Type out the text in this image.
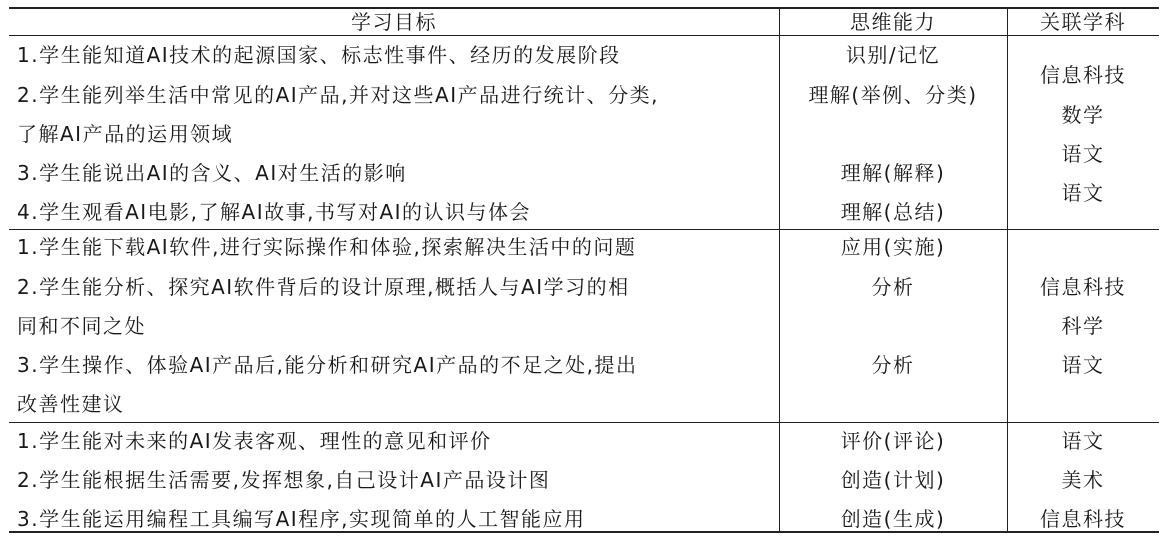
学习目标	思维能力	关联学科
1.学生能知道AI技术的起源国家、标志性事件、经历的发展阶段
2.学生能列举生活中常见的AI产品,并对这些AI产品进行统计、分类,
了解AI产品的运用领域
3.学生能说出AI的含义、AI对生活的影响
4.学生观看AI电影,了解AI故事,书写对AI的认识与体会
识别/记忆
理解(举例、分类)
理解(解释)
理解(总结)
信息科技
数学
语文
语文
1.学生能下载AI软件,进行实际操作和体验,探索解决生活中的问题
2.学生能分析、探究AI软件背后的设计原理,概括人与AI学习的相
同和不同之处
3.学生操作、体验AI产品后,能分析和研究AI产品的不足之处,提出
改善性建议
应用(实施)
分析
分析
信息科技
科学
语文
1.学生能对未来的AI发表客观、理性的意见和评价
2.学生能根据生活需要,发挥想象,自己设计AI产品设计图
3.学生能运用编程工具编写AI程序,实现简单的人工智能应用
评价(评论)
创造(计划)
创造(生成)
语文
美术
信息科技
